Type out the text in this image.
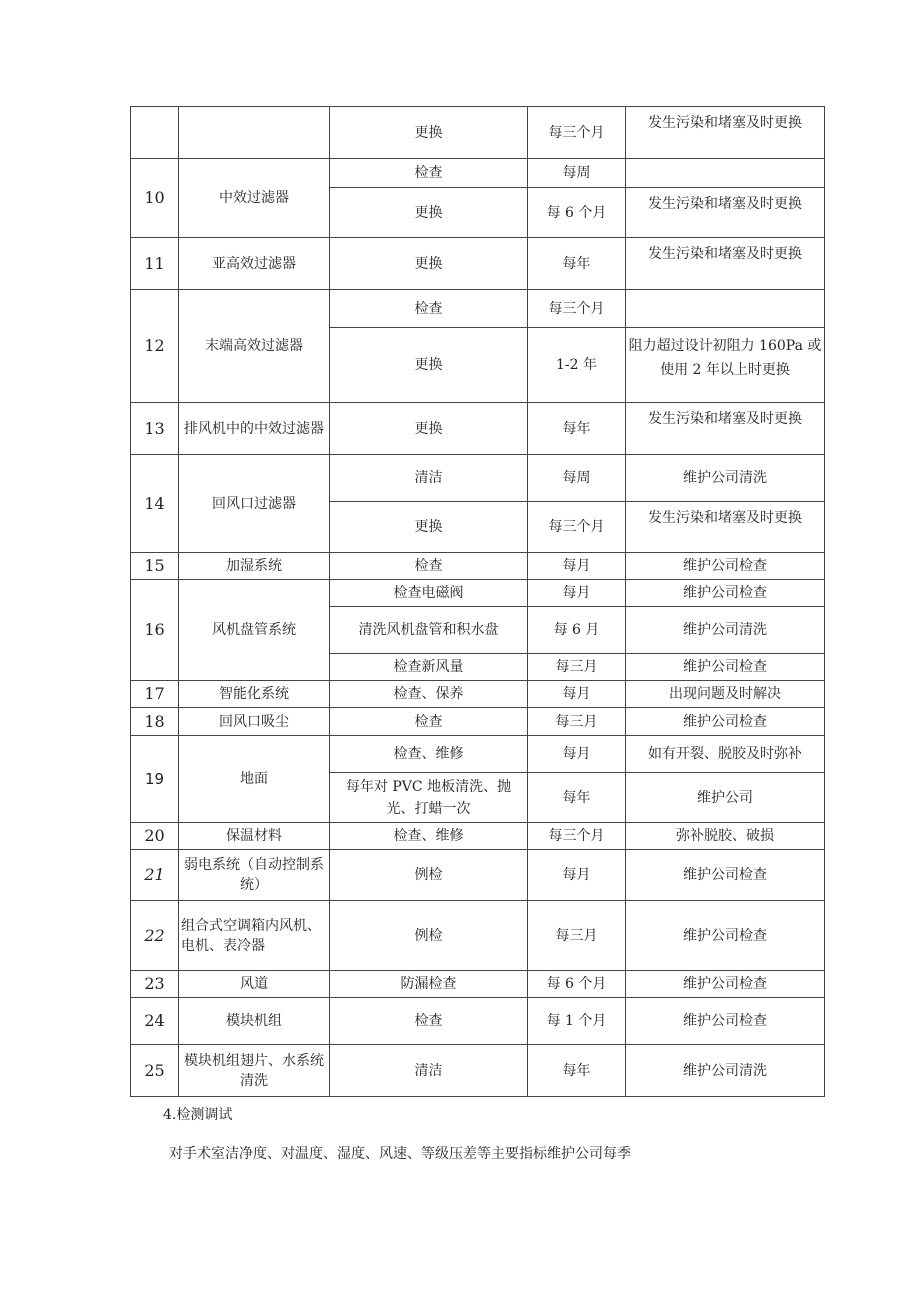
		更换	每三个月	发生污染和堵塞及时更换
10	中效过滤器	检查	每周	
		更换	每 6 个月	发生污染和堵塞及时更换
11	亚高效过滤器	更换	每年	发生污染和堵塞及时更换
12	末端高效过滤器	检查	每三个月	
		更换	1-2 年	阻力超过设计初阻力 160Pa 或使用 2 年以上时更换
13	排风机中的中效过滤器	更换	每年	发生污染和堵塞及时更换
14	回风口过滤器	清洁	每周	维护公司清洗
		更换	每三个月	发生污染和堵塞及时更换
15	加湿系统	检查	每月	维护公司检查
16	风机盘管系统	检查电磁阀	每月	维护公司检查
		清洗风机盘管和积水盘	每 6 月	维护公司清洗
		检查新风量	每三月	维护公司检查
17	智能化系统	检查、保养	每月	出现问题及时解决
18	回风口吸尘	检查	每三月	维护公司检查
19	地面	检查、维修	每月	如有开裂、脱胶及时弥补
		每年对 PVC 地板清洗、抛光、打蜡一次	每年	维护公司
20	保温材料	检查、维修	每三个月	弥补脱胶、破损
21	弱电系统（自动控制系统）	例检	每月	维护公司检查
22	组合式空调箱内风机、电机、表冷器	例检	每三月	维护公司检查
23	风道	防漏检查	每 6 个月	维护公司检查
24	模块机组	检查	每 1 个月	维护公司检查
25	模块机组翅片、水系统清洗	清洁	每年	维护公司清洗
4.检测调试
对手术室洁净度、对温度、湿度、风速、等级压差等主要指标维护公司每季
